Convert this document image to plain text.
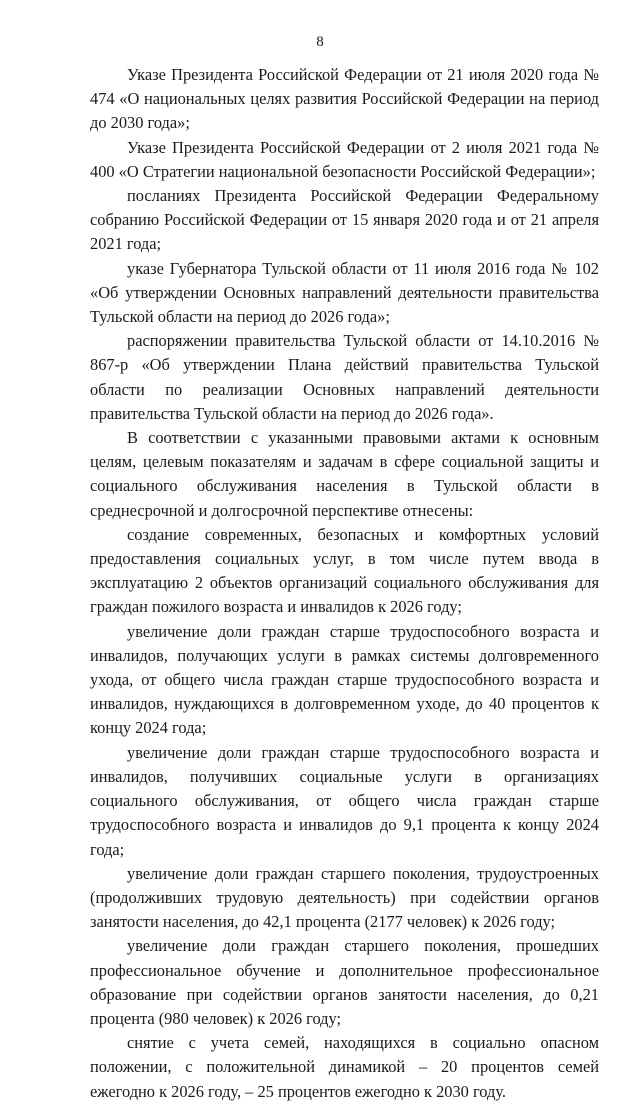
8

Указе Президента Российской Федерации от 21 июля 2020 года № 474 «О национальных целях развития Российской Федерации на период до 2030 года»;

Указе Президента Российской Федерации от 2 июля 2021 года № 400 «О Стратегии национальной безопасности Российской Федерации»;

посланиях Президента Российской Федерации Федеральному собранию Российской Федерации от 15 января 2020 года и от 21 апреля 2021 года;

указе Губернатора Тульской области от 11 июля 2016 года № 102 «Об утверждении Основных направлений деятельности правительства Тульской области на период до 2026 года»;

распоряжении правительства Тульской области от 14.10.2016 № 867-р «Об утверждении Плана действий правительства Тульской области по реализации Основных направлений деятельности правительства Тульской области на период до 2026 года».

В соответствии с указанными правовыми актами к основным целям, целевым показателям и задачам в сфере социальной защиты и социального обслуживания населения в Тульской области в среднесрочной и долгосрочной перспективе отнесены:

создание современных, безопасных и комфортных условий предоставления социальных услуг, в том числе путем ввода в эксплуатацию 2 объектов организаций социального обслуживания для граждан пожилого возраста и инвалидов к 2026 году;

увеличение доли граждан старше трудоспособного возраста и инвалидов, получающих услуги в рамках системы долговременного ухода, от общего числа граждан старше трудоспособного возраста и инвалидов, нуждающихся в долговременном уходе, до 40 процентов к концу 2024 года;

увеличение доли граждан старше трудоспособного возраста и инвалидов, получивших социальные услуги в организациях социального обслуживания, от общего числа граждан старше трудоспособного возраста и инвалидов до 9,1 процента к концу 2024 года;

увеличение доли граждан старшего поколения, трудоустроенных (продолживших трудовую деятельность) при содействии органов занятости населения, до 42,1 процента (2177 человек) к 2026 году;

увеличение доли граждан старшего поколения, прошедших профессиональное обучение и дополнительное профессиональное образование при содействии органов занятости населения, до 0,21 процента (980 человек) к 2026 году;

снятие с учета семей, находящихся в социально опасном положении, с положительной динамикой – 20 процентов семей ежегодно к 2026 году, – 25 процентов ежегодно к 2030 году.
